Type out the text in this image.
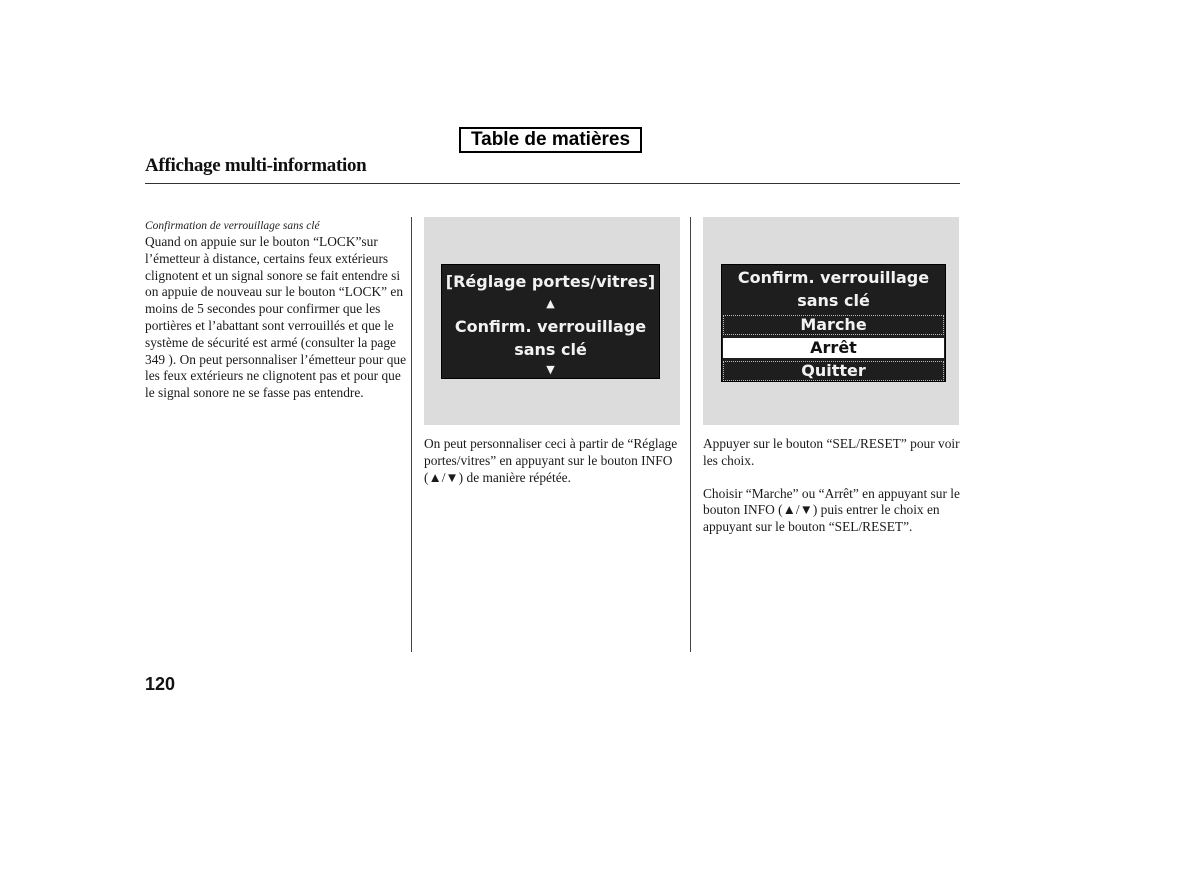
Table de matières
Affichage multi-information
Confirmation de verrouillage sans clé
Quand on appuie sur le bouton “LOCK”sur l’émetteur à distance, certains feux extérieurs clignotent et un signal sonore se fait entendre si on appuie de nouveau sur le bouton “LOCK” en moins de 5 secondes pour confirmer que les portières et l’abattant sont verrouillés et que le système de sécurité est armé (consulter la page 349 ). On peut personnaliser l’émetteur pour que les feux extérieurs ne clignotent pas et pour que le signal sonore ne se fasse pas entendre.
[Réglage portes/vitres]
▲
Confirm. verrouillage
sans clé
▼
Confirm. verrouillage
sans clé
Marche
Arrêt
Quitter

On peut personnaliser ceci à partir de “Réglage portes/vitres” en appuyant sur le bouton INFO (▲/▼) de manière répétée.

Appuyer sur le bouton “SEL/RESET” pour voir les choix.

Choisir “Marche” ou “Arrêt” en appuyant sur le bouton INFO (▲/▼) puis entrer le choix en appuyant sur le bouton “SEL/RESET”.

120
